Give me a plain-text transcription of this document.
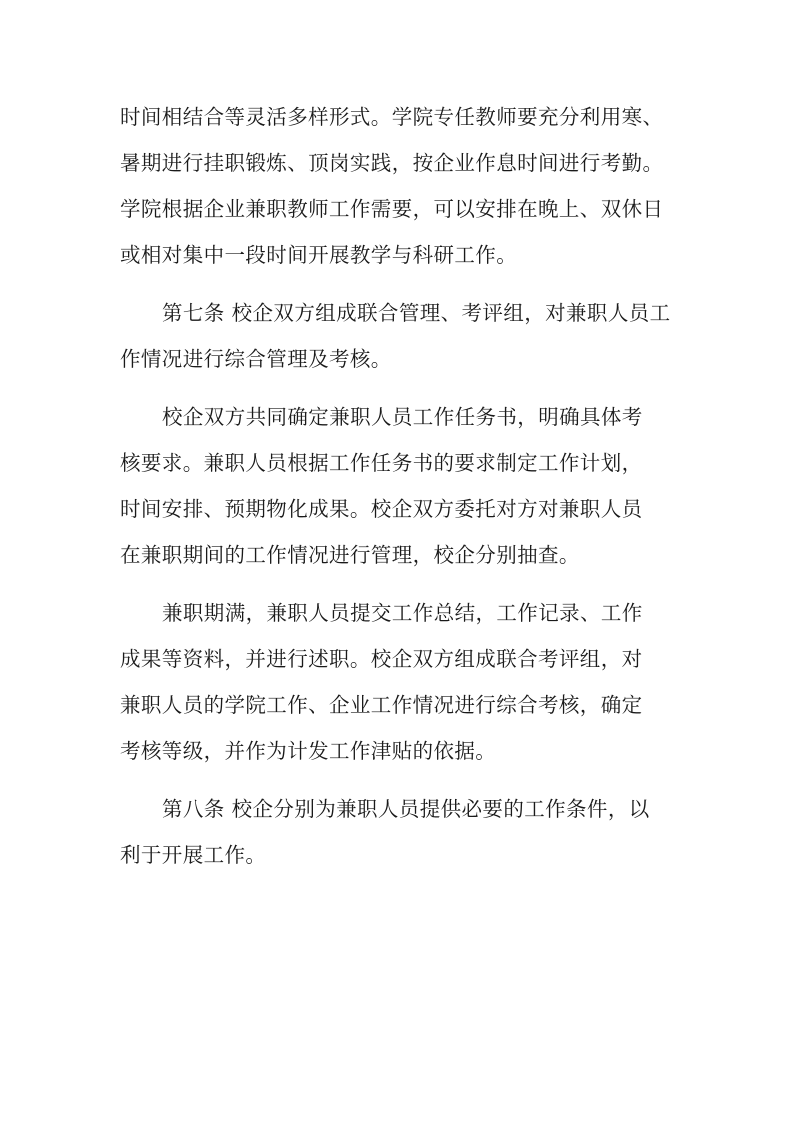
时间相结合等灵活多样形式。学院专任教师要充分利用寒、
暑期进行挂职锻炼、顶岗实践，按企业作息时间进行考勤。
学院根据企业兼职教师工作需要，可以安排在晚上、双休日
或相对集中一段时间开展教学与科研工作。
第七条 校企双方组成联合管理、考评组，对兼职人员工
作情况进行综合管理及考核。
校企双方共同确定兼职人员工作任务书，明确具体考
核要求。兼职人员根据工作任务书的要求制定工作计划，
时间安排、预期物化成果。校企双方委托对方对兼职人员
在兼职期间的工作情况进行管理，校企分别抽查。
兼职期满，兼职人员提交工作总结，工作记录、工作
成果等资料，并进行述职。校企双方组成联合考评组，对
兼职人员的学院工作、企业工作情况进行综合考核，确定
考核等级，并作为计发工作津贴的依据。
第八条 校企分别为兼职人员提供必要的工作条件，以
利于开展工作。
